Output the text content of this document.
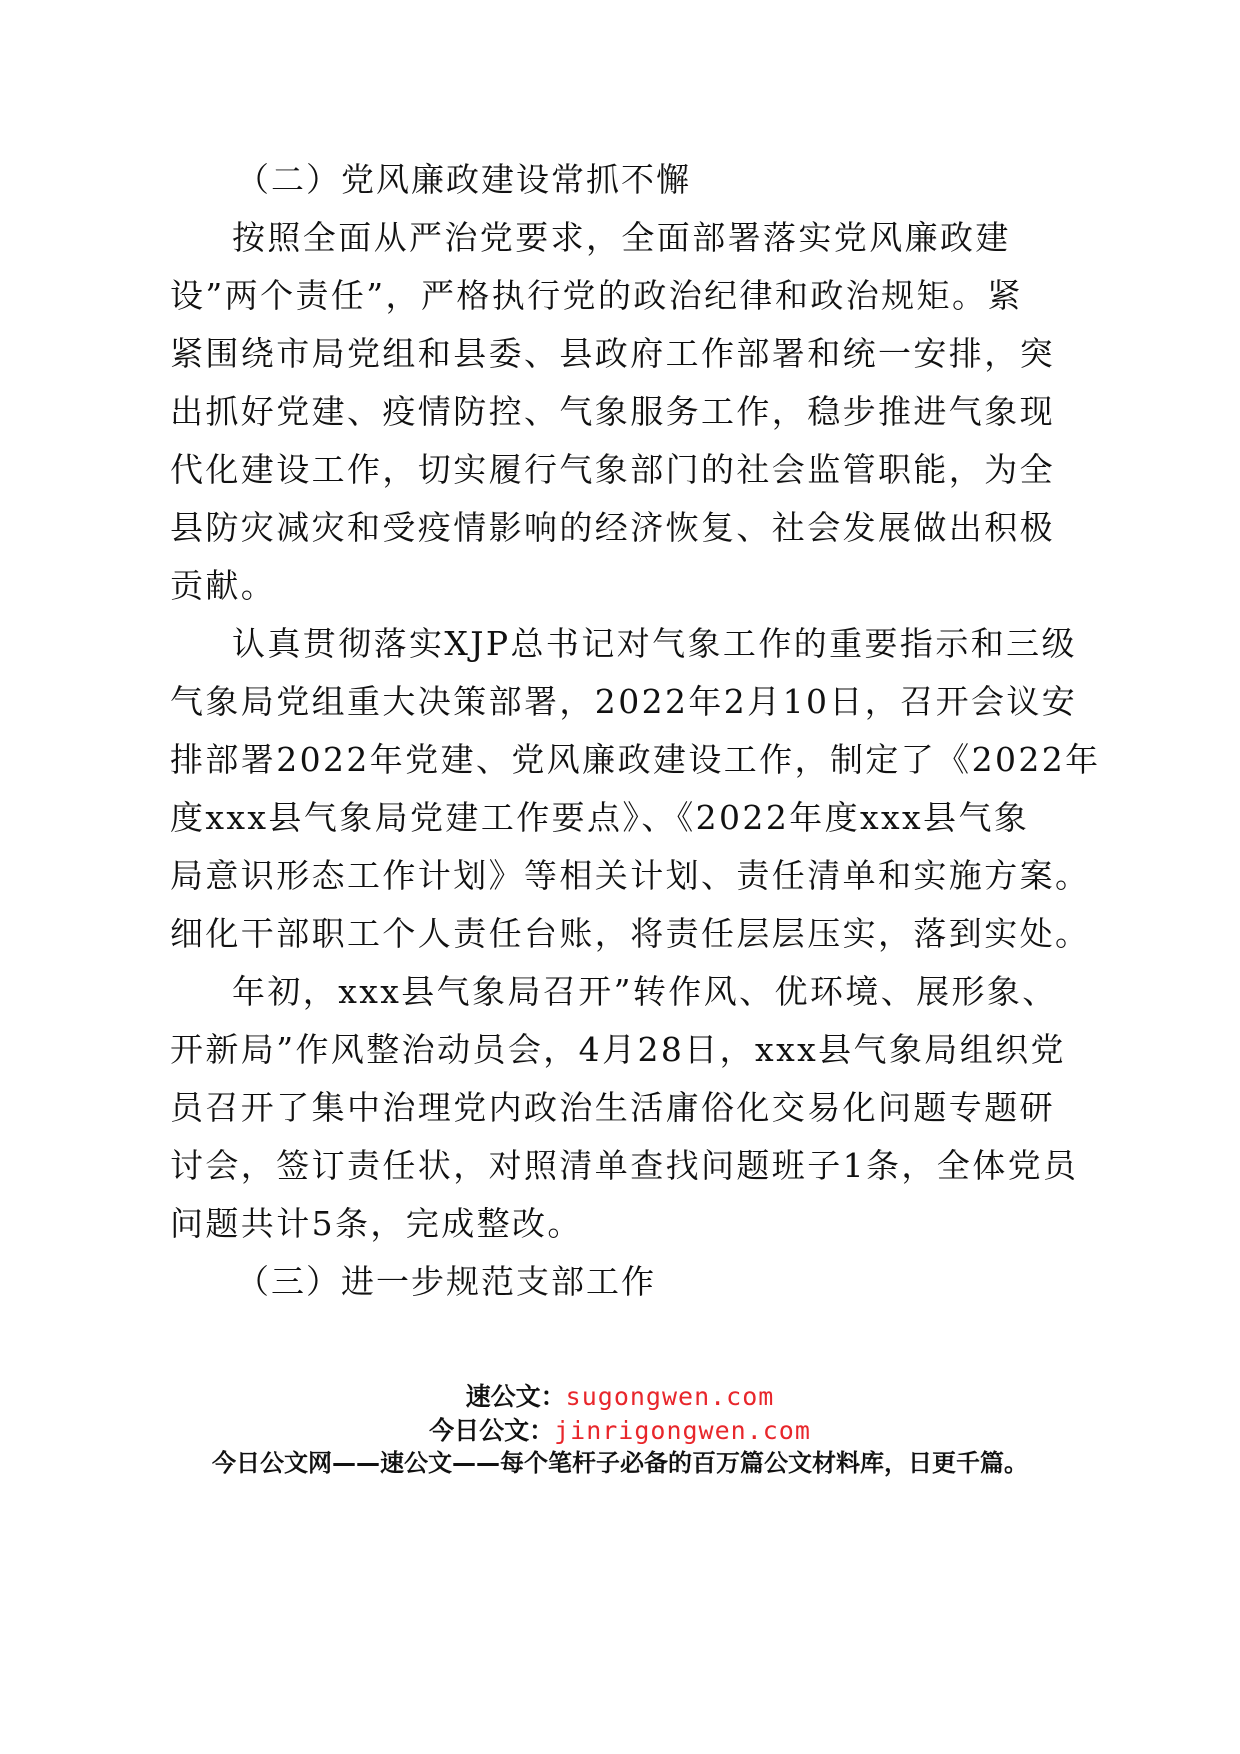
（二）党风廉政建设常抓不懈
按照全面从严治党要求，全面部署落实党风廉政建
设”两个责任”，严格执行党的政治纪律和政治规矩。紧
紧围绕市局党组和县委、县政府工作部署和统一安排，突
出抓好党建、疫情防控、气象服务工作，稳步推进气象现
代化建设工作，切实履行气象部门的社会监管职能，为全
县防灾减灾和受疫情影响的经济恢复、社会发展做出积极
贡献。
认真贯彻落实XJP总书记对气象工作的重要指示和三级
气象局党组重大决策部署，2022年2月10日，召开会议安
排部署2022年党建、党风廉政建设工作，制定了《2022年
度xxx县气象局党建工作要点》、《2022年度xxx县气象
局意识形态工作计划》等相关计划、责任清单和实施方案。
细化干部职工个人责任台账，将责任层层压实，落到实处。
年初，xxx县气象局召开”转作风、优环境、展形象、
开新局”作风整治动员会，4月28日，xxx县气象局组织党
员召开了集中治理党内政治生活庸俗化交易化问题专题研
讨会，签订责任状，对照清单查找问题班子1条，全体党员
问题共计5条，完成整改。
（三）进一步规范支部工作
速公文：sugongwen.com
今日公文：jinrigongwen.com
今日公文网——速公文——每个笔杆子必备的百万篇公文材料库，日更千篇。
